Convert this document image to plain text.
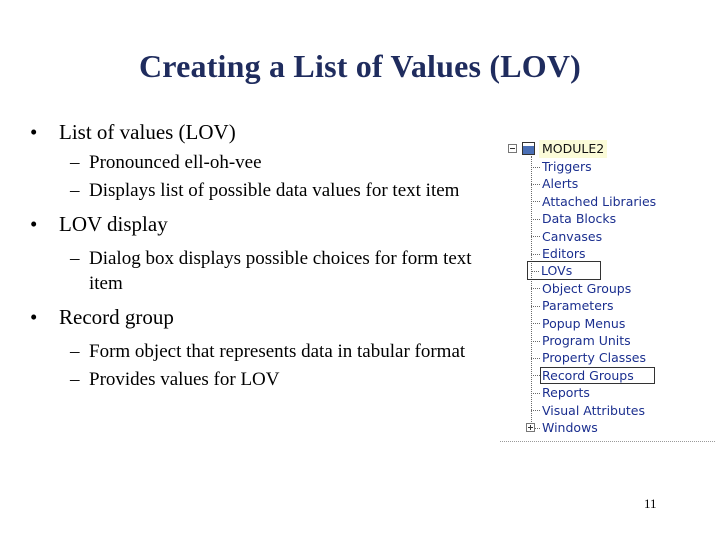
Creating a List of Values (LOV)
•	List of values (LOV)
– Pronounced ell-oh-vee
– Displays list of possible data values for text item
•	LOV display
– Dialog box displays possible choices for form text item
•	Record group
– Form object that represents data in tabular format
– Provides values for LOV
MODULE2
Triggers
Alerts
Attached Libraries
Data Blocks
Canvases
Editors
LOVs
Object Groups
Parameters
Popup Menus
Program Units
Property Classes
Record Groups
Reports
Visual Attributes
Windows
11
